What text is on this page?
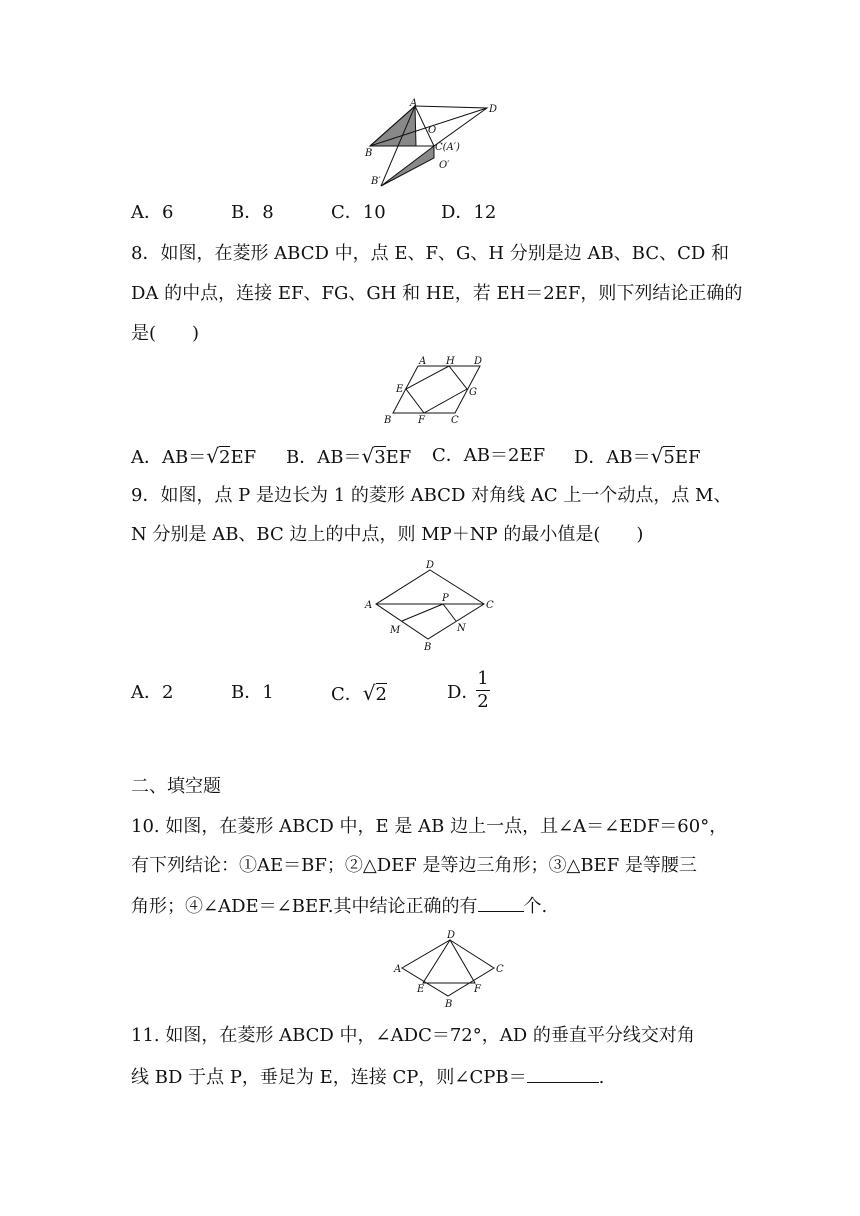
A
D
O
B
C(A′)
O′
B′
A．6	B．8	C．10	D．12
8．如图，在菱形 ABCD 中，点 E、F、G、H 分别是边 AB、BC、CD 和
DA 的中点，连接 EF、FG、GH 和 HE，若 EH＝2EF，则下列结论正确的
是(　　)
A H D
E	G
B	F	C
A．AB＝√2EF B．AB＝√3EF C．AB＝2EF D．AB＝√5EF
9．如图，点 P 是边长为 1 的菱形 ABCD 对角线 AC 上一个动点，点 M、
N 分别是 AB、BC 边上的中点，则 MP＋NP 的最小值是(　　)
D
A
P
C
M	N
B
A．2	B．1	C．√2	D．
$\frac{1}{2}$
二、填空题
10. 如图，在菱形 ABCD 中，E 是 AB 边上一点，且∠A＝∠EDF＝60°，
有下列结论：①AE＝BF；②△DEF 是等边三角形；③△BEF 是等腰三
角形；④∠ADE＝∠BEF.其中结论正确的有	个.
D
A	C
E	F
B
11. 如图，在菱形 ABCD 中，∠ADC＝72°，AD 的垂直平分线交对角
线 BD 于点 P，垂足为 E，连接 CP，则∠CPB＝	.
